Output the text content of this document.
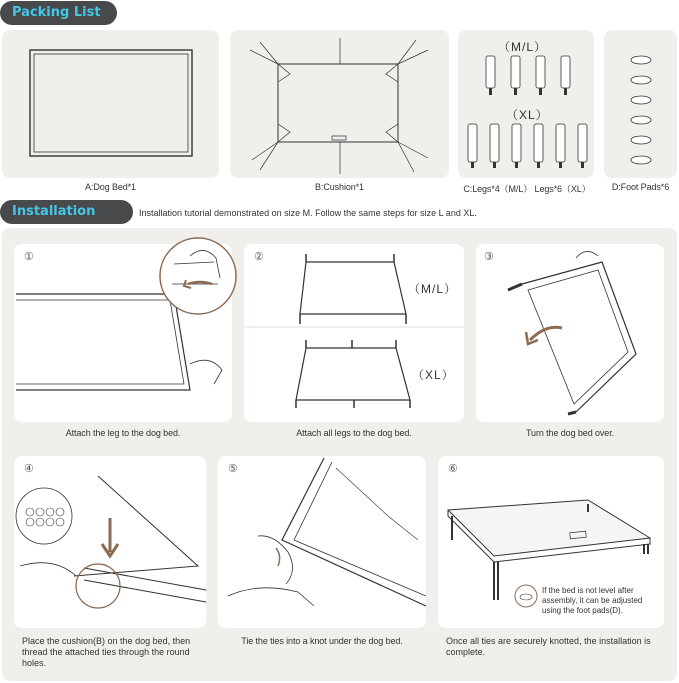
Packing List
A:Dog Bed*1	B:Cushion*1
（M/L）
（XL）
C:Legs*4（M/L） Legs*6（XL）	D:Foot Pads*6
Installation	Installation tutorial demonstrated on size M. Follow the same steps for size L and XL.
①
Attach the leg to the dog bed.
②
（M/L）
（XL）
Attach all legs to the dog bed.
③
Turn the dog bed over.
④
Place the cushion(B) on the dog bed, then thread the attached ties through the round holes.
⑤
Tie the ties into a knot under the dog bed.
⑥
If the bed is not level after assembly, it can be adjusted using the foot pads(D).
Once all ties are securely knotted, the installation is complete.
